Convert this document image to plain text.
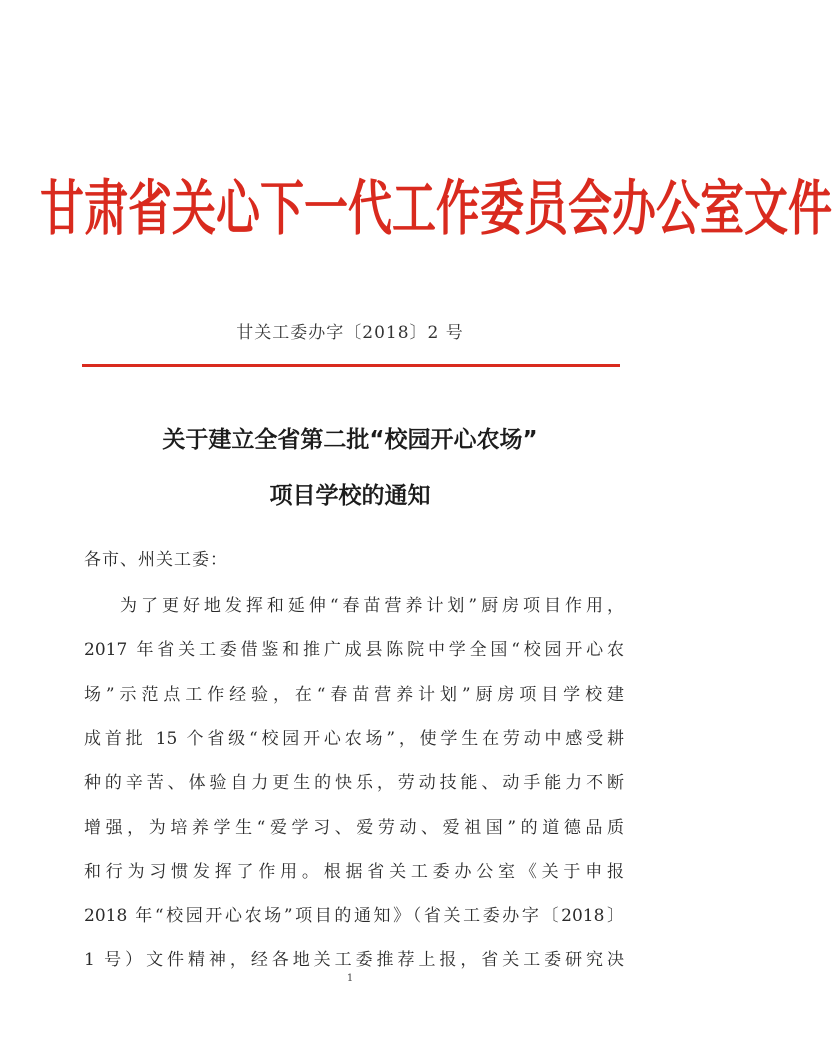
甘肃省关心下一代工作委员会办公室文件
甘关工委办字〔2018〕2 号
关于建立全省第二批“校园开心农场”
项目学校的通知
各市、州关工委：
为了更好地发挥和延伸“春苗营养计划”厨房项目作用，
2017 年省关工委借鉴和推广成县陈院中学全国“校园开心农
场”示范点工作经验，在“春苗营养计划”厨房项目学校建
成首批 15 个省级“校园开心农场”，使学生在劳动中感受耕
种的辛苦、体验自力更生的快乐，劳动技能、动手能力不断
增强，为培养学生“爱学习、爱劳动、爱祖国”的道德品质
和行为习惯发挥了作用。根据省关工委办公室《关于申报
2018 年“校园开心农场”项目的通知》（省关工委办字〔2018〕
1 号）文件精神，经各地关工委推荐上报，省关工委研究决
1
